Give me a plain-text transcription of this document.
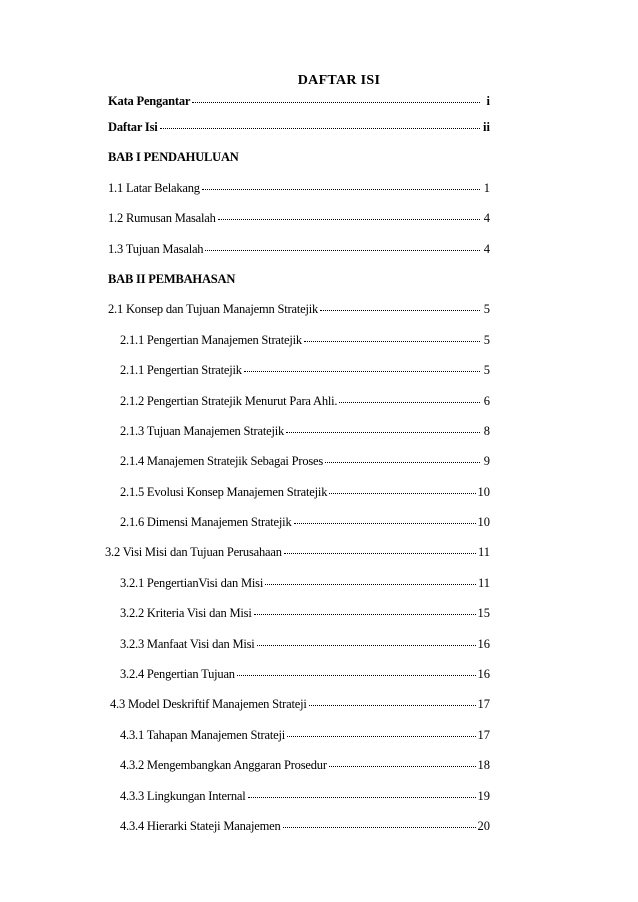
DAFTAR ISI
Kata Pengantar	i
Daftar Isi	ii
BAB I PENDAHULUAN
1.1 Latar Belakang	1
1.2 Rumusan Masalah	4
1.3 Tujuan Masalah	4
BAB II PEMBAHASAN
2.1 Konsep dan Tujuan Manajemn Stratejik	5
2.1.1 Pengertian Manajemen Stratejik	5
2.1.1 Pengertian Stratejik	5
2.1.2 Pengertian Stratejik Menurut Para Ahli.	6
2.1.3 Tujuan Manajemen Stratejik	8
2.1.4 Manajemen Stratejik Sebagai Proses	9
2.1.5 Evolusi Konsep Manajemen Stratejik	10
2.1.6 Dimensi Manajemen Stratejik	10
3.2 Visi Misi dan Tujuan Perusahaan	11
3.2.1 PengertianVisi dan Misi	11
3.2.2 Kriteria Visi dan Misi	15
3.2.3 Manfaat Visi dan Misi	16
3.2.4 Pengertian Tujuan	16
4.3 Model Deskriftif Manajemen Strateji	17
4.3.1 Tahapan Manajemen Strateji	17
4.3.2 Mengembangkan Anggaran Prosedur	18
4.3.3 Lingkungan Internal	19
4.3.4 Hierarki Stateji Manajemen	20
